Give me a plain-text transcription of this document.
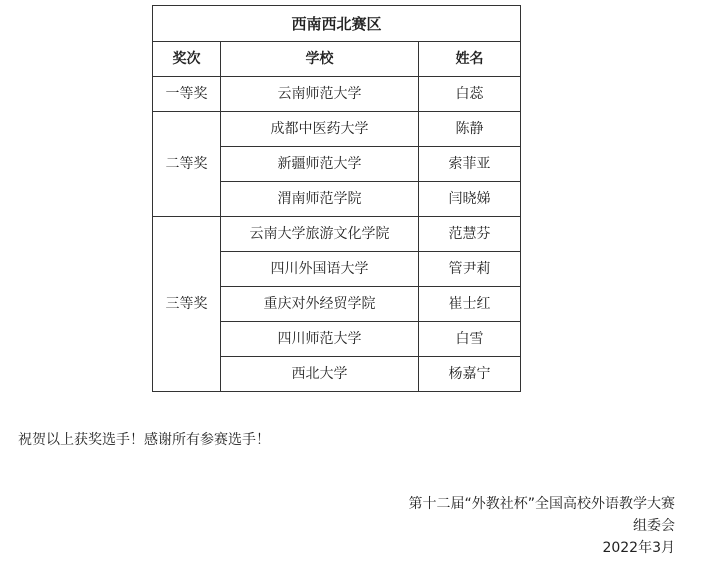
西南西北赛区		
奖次	学校	姓名
一等奖	云南师范大学	白蕊
二等奖	成都中医药大学	陈静
	新疆师范大学	索菲亚
	渭南师范学院	闫晓娣
三等奖	云南大学旅游文化学院	范慧芬
	四川外国语大学	管尹莉
	重庆对外经贸学院	崔士红
	四川师范大学	白雪
	西北大学	杨嘉宁
祝贺以上获奖选手！感谢所有参赛选手！
第十二届“外教社杯”全国高校外语教学大赛
组委会
2022年3月
